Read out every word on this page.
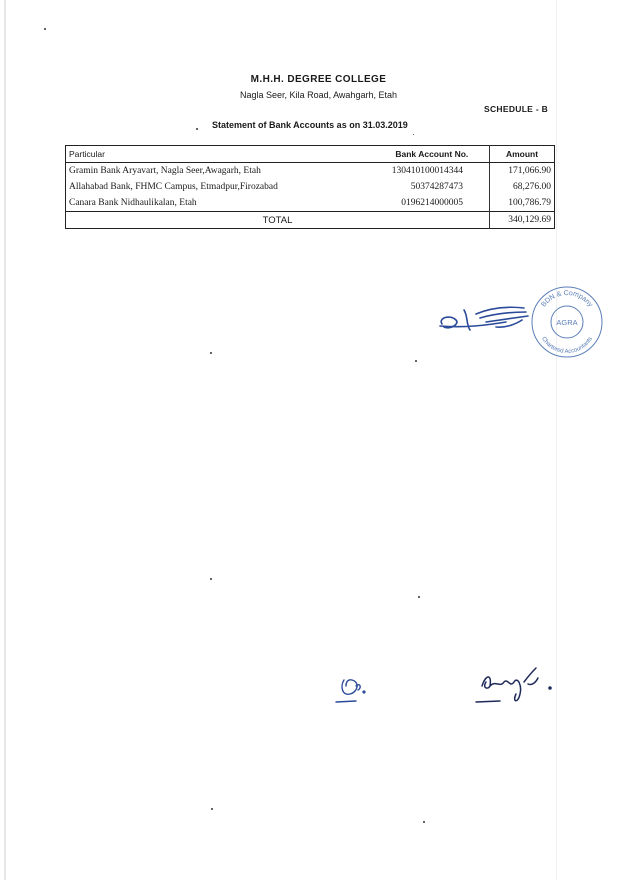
M.H.H. DEGREE COLLEGE
Nagla Seer, Kila Road, Awahgarh, Etah
SCHEDULE - B
Statement of Bank Accounts as on 31.03.2019
Particular	Bank Account No.	Amount
Gramin Bank Aryavart, Nagla Seer,Awagarh, Etah	130410100014344	171,066.90
Allahabad Bank, FHMC Campus, Etmadpur,Firozabad	50374287473	68,276.00
Canara Bank Nidhaulikalan, Etah	0196214000005	100,786.79
TOTAL		340,129.69
BDN & Company
AGRA
Chartered Accountants
